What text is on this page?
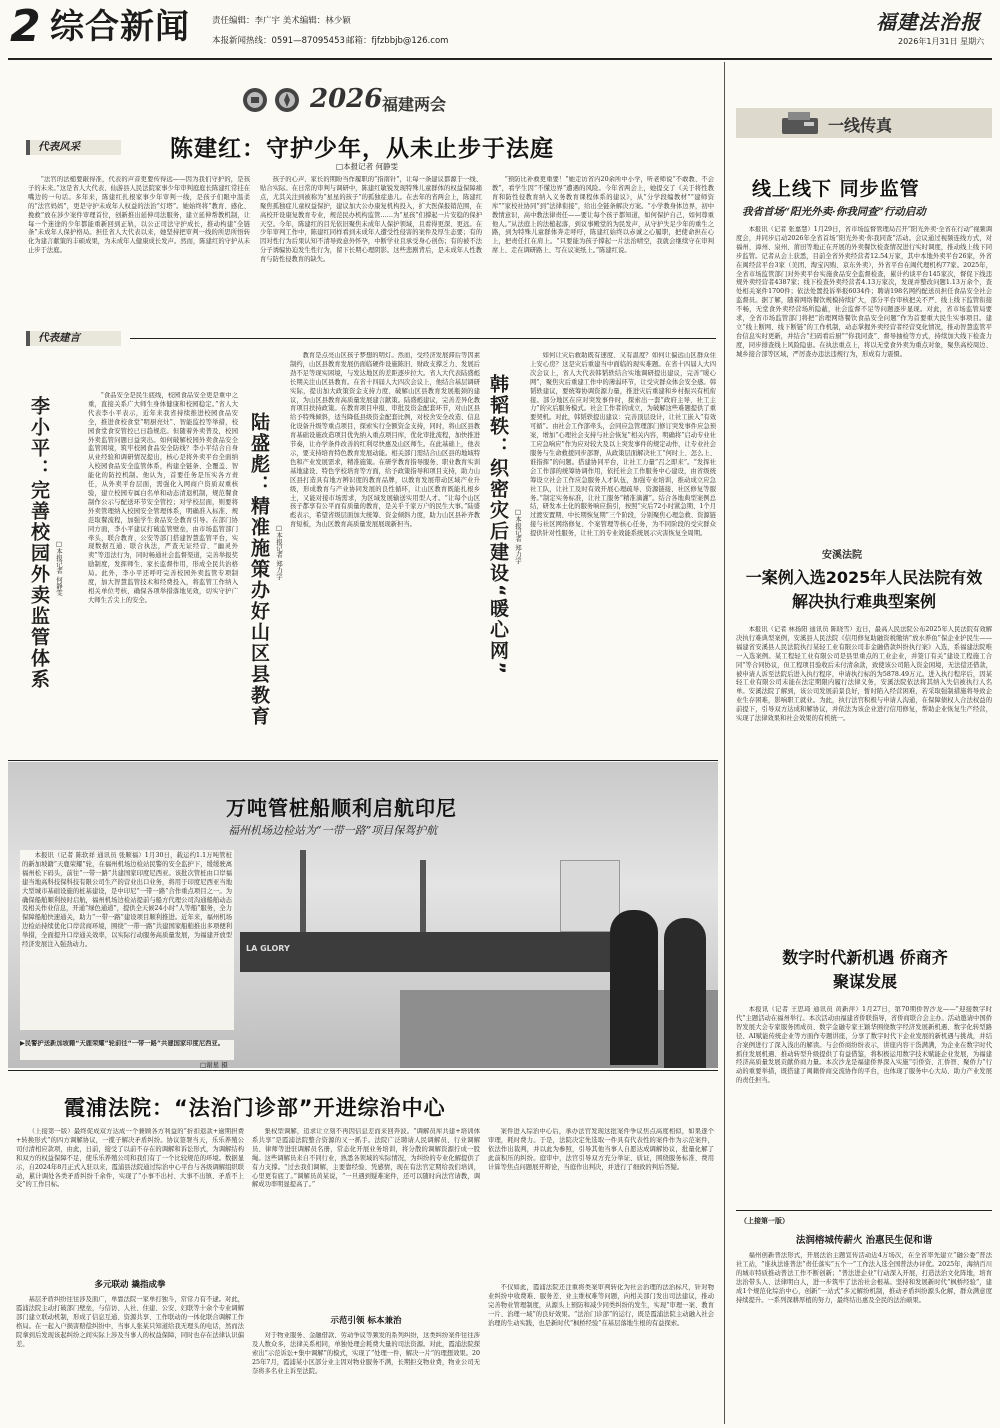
2 综合新闻	责任编辑：李广宇 美术编辑：林少颖
本报新闻热线：0591—87095453 邮箱：fjfzbbjb@126.com
福建法治报
2026年1月31日 星期六
2026 福建两会
代表风采	陈建红：守护少年，从未止步于法庭
□本报记者 何静雯

“法官的法槌要敲得准，代表的声音更要传得远——因为我们守护的，是孩子的未来。”这是省人大代表、仙游县人民法院家事少年审判庭庭长陈建红常挂在嘴边的一句话。多年来，陈建红扎根家事少年审判一线，是孩子们眼中温柔的“法官妈妈”，更是守护未成年人权益的法治“灯塔”。她始终将“教育、感化、挽救”放在涉少案件审理首位，创新推出延伸司法服务，建立延伸帮教机制，让每一个迷途的少年都能重新回到正轨，以公正司法守护成长，推动构建“全链条”未成年人保护格局。担任省人大代表以来，她坚持把审判一线的所思所悟转化为建言献策的丰硕成果，为未成年人健康成长发声。然而，陈建红的守护从未止步于法庭。

孩子的心声、家长的期盼当作履职的“指南针”，让每一条建议都源于一线、贴合实际。在日常的审判与调研中，陈建红敏锐发现特殊儿童群体的权益保障痛点，尤其关注到被称为“星星的孩子”的孤独症患儿。在去年的省两会上，陈建红聚焦孤独症儿童权益保护，建议加大公办康复机构投入，扩大医保报销范围，在高校开设康复教育专业，规范民办机构监管……为“星孩”们撑起一片安稳的保护天空。今年，陈建红的目光依旧聚焦未成年人保护领域，且看得更深、更远。在少年审判工作中，陈建红同样看到未成年人遭受性侵害的案件及厚生态要；有的因对性行为后果认知不清导致意外怀孕，中断学业且承受身心创伤；有的被不法分子诱骗协迫发生性行为，留下长期心理阴影。这些悲剧背后，是未成年人性教育与防性侵教育的缺失。

“预防比补救更重要！”她走访省内20余所中小学，听老师说“不敢教、不会教”，看学生因“不懂边界”遭遇的风险。今年省两会上，她提交了《关于将性教育和防性侵教育纳入义务教育课程体系的建议》，从“分学段编教材”“建师资库”“家校社协同”到“法律衔接”，给出全链条解决方案。“小学教身体边界，初中教情意识，高中教法律责任——要让每个孩子都知道，如何保护自己，如何尊重他人。”从法庭上的法槌起落，到议事殿堂的为民发声，从守护失足少年的重生之路，到为特殊儿童群体奔走呼吁，陈建红始终以赤诚之心履职，把使命担在心上，把责任扛在肩上。“只要能为孩子撑起一片法治晴空，我就会继续守在审判席上、走在调研路上、写在议案纸上。”陈建红说。

代表建言
李小平：完善校园外卖监管体系 □本报记者 何静雯

“食品安全是民生底线，校园食品安全更是重中之重，直接关系广大师生身体健康和校园稳定。”省人大代表李小平表示，近年来我省持续推进校园食品安全，推进食校食堂“明厨亮灶”、智能监控等举措，校园食堂食安管控已日趋规范。但随着外卖普及，校园外卖监管问题日益突出。如何破解校园外卖食品安全监管困境，筑牢校园食品安全防线？李小平结合自身从业经验和调研情况提出，核心是将外卖平台全面纳入校园食品安全监管体系，构建全链条、全覆盖、智能化的防控机制。他认为，首要任务是压实各方责任，从外卖平台层面，需强化入网商户资质双重核验，建立校园专属白名单和动态清退机制，规范餐食制作公示与配送环节安全管控；对学校层面，则要将外卖管理纳入校园安全管理体系，明确准入标准、规范取餐流程，加强学生食品安全教育引导。在部门协同方面，李小平建议打破监管壁垒，由市场监管部门牵头，联合教育、公安等部门搭建智慧监管平台，实现数据互通、联合执法，严查无证经营、“幽灵外卖”等违法行为，同时畅通社会监督渠道，完善举报奖励制度，发挥师生、家长监督作用，形成全民共治格局。此外，李小平还呼吁完善校园外卖监管专项制度，加大智慧监管技术和经费投入，将监管工作纳入相关单位考核，确保各项举措落地见效，切实守护广大师生舌尖上的安全。	陆盛彪：精准施策办好山区县教育 □本报记者 郑力宇

教育是点亮山区孩子梦想的明灯。然而，受经济发展滞后等因素制约，山区县教育发展仍面临硬件设施陈旧、财政支撑乏力、发展后劲不足等现实困境，与发达地区的差距逐步拉大。省人大代表陆盛彪长期关注山区县教育。在省十四届人大四次会议上，他结合基层调研实际，提出加大政策资金支持力度、破解山区县教育发展瓶颈的建议，为山区县教育高质量发展建言献策。陆盛彪建议，完善差异化教育项目扶持政策。在教育项目申报、审批及资金配套环节，对山区县给予特殊倾斜，适当降低县级资金配套比例，对校舍安全改造、信息化设备升级等重点项目，探索实行全额资金支持，同时，将山区县教育基础设施改造项目优先纳入重点项目库，优化审批流程，加快推进节奏，让办学条件改善的红利尽快惠及山区师生。在此基础上，他表示，要支持培育特色教育发展动能。相关部门需结合山区县的地域特色和产业发展需求，精准施策。在研学教育指导服务、职业教育实训基地建设、特色学校培育等方面，给予政策指导和项目支持，助力山区县打造具有地方辨识度的教育品牌，以教育发展带动区域产业升级，形成教育与产业协同发展的良性循环，让山区教育既能扎根乡土，又能对接市场需求，为区域发展输送实用型人才。“让每个山区孩子都享有公平而有质量的教育，是关乎千家万户的民生大事。”陆盛彪表示，希望省级层面加大统筹、资金倾斜力度，助力山区县补齐教育短板，为山区教育高质量发展展现新担当。	韩韬轶：织密灾后建设“暖心网” □本报记者 郑力宇

如何让灾后救助既有速度、又有温度？如何让偏远山区群众住上安心房？这是灾后重建当中面临的现实难题。在省十四届人大四次会议上，省人大代表韩韬轶结合实地调研提出建议，完善“暖心网”，聚焦灾后重建工作中的薄弱环节，让受灾群众体会安全感。韩韬轶建议，要统筹协调资源力量，推进灾后重建和乡村振兴有机衔接。部分地区在应对突发事件时，探索出一套“政府主导、社工主力”的灾后服务模式。社会工作者的成立，为破解这些难题提供了重要契机。对此，韩韬轶提出建议：完善顶层设计，让社工嵌入“有效可循”。由社会工作部牵头，会同应急管理部门修订突发事件应急预案，增加“心理社会支持与社会恢复”相关内容，明确将“启动专业社工应急响应”作为应对较大及以上突发事件的规定动作，让专业社会服务与生命救援同步部署，从政策层面解决社工“何时上、怎么上、谁指挥”的问题。搭建协同平台，让社工力量“召之即来”。“发挥社会工作部的统筹协调作用，依托社会工作服务中心建设，由省级统筹设立社会工作应急服务人才队伍，加强专业培训，推动成立应急社工队，让社工及时有效开展心理疏导、资源链接、社区修复等服务。”制定实务标准，让社工服务“精准滴灌”。结合各地典型案例总结，研发本土化的服务响应指引，按照“灾后72小时紧急期、1个月过渡安置期、中长期恢复期”三个阶段，分别聚焦心理急救、资源链接与社区网络修复、个案管理等核心任务，为不同阶段的受灾群众提供针对性服务，让社工的专业效能系统展示灾害恢复全周期。

LA GLORY
万吨管桩船顺利启航印尼
福州机场边检站为“一带一路”项目保驾护航

本报讯（记者 陈软祥 通讯员 张顺福）1月30日，载运约1.1万吨管桩的新加坡籍“天鹿荣耀”轮，在福州机场边检站民警的安全监护下，缓缓驶离福州松下码头，前往“一带一路”共建国家印度尼西亚。该批次管桩由口岸福建当地高科技保科技有限公司生产的营业出口业务，将用于印度尼西亚当地大型城市基础设施的桩基建设，是中印尼“一带一路”合作重点项目之一。为确保船舶顺利按时启航，福州机场边检站提前与船方代理公司沟通船舶动态及相关作业信息，开通“绿色通道”，提供全天候24小时“人等船”服务，全力保障船舶快速通关，助力“一带一路”建设项目顺利推进。近年来，福州机场边检站持续优化口岸营商环境，围绕“一带一路”共建国家船舶推出多项便利举措，全面提升口岸通关效率，以实际行动服务高质量发展，为福建开放型经济发展注入强劲动力。

▶民警护送新加坡籍“天鹿荣耀”轮前往“一带一路”共建国家印度尼西亚。
□谢星 摄
霞浦法院：“法治门诊部”开进综治中心

（上接第一版）最终促成双方达成一个兼顾各方利益的“折扣退款+逾期担费+转换形式”的四方调解协议，一揽子解决矛盾纠纷。协议签署当天，乐乐养殖公司付清相应款项，由此，日前，接受了以前不存在的调解和诉讼形式，为调解结构和双方的权益保障不足，使乐乐养殖公司和我们有了一个比较规范的环境。数据显示，自2024年8月正式入驻以来，霞浦县法院通过综治中心平台与各级调解组织联动，累计调处各类矛盾纠纷千余件，实现了“小事不出村、大事不出镇、矛盾不上交”的工作目标。

多元联动 撬指成拳

基层矛盾纠纷往往涉及面广，单靠法院一家单打独斗，常常力有不逮。对此，霞浦法院主动打破部门壁垒，与信访、人社、住建、公安、妇联等十余个专业调解部门建立联动机制，形成了信息互通、资源共享、工作联动的一体化联合调解工作格局。在一起入户损害赔偿纠纷中，当事人张某只知道给我无理头的电话，然而法院拿到后发现该起纠纷之间实际上涉及当事人的权益保障，同时也存在法律认识偏差。

集权型调解，追求让立刻不再因信息差而来回奔波。“调解员库共建+培训体系共享”是霞浦法院整合资源的又一抓手。法院广泛聘请人民调解员、行业调解员、律师等进驻调解员名册，常态化开展业务培训，将分散的调解资源拧成一股绳。这些调解员来自不同行业，熟悉各领域的实际情况，为纠纷的专业化解提供了有力支撑。“过去我们调解，主要靠经验、凭感情，现在有法官定期给我们培训，心里更有底了。”调解员黄某说，“一旦遇到疑难案件，还可以随时向法官请教，调解成功率明显提高了。”

示范引领 标本兼治

对于物业服务、金融借款、劳动争议等频发的系列纠纷，这类纠纷案件往往涉及人数众多，法律关系相同，单独处理会耗费大量的司法资源。对此，霞浦法院探索出“示范诉讼+集中调解”的模式，实现了“处理一件，解决一片”的理想效果。2025年7月，霞浦某小区部分业主因对物业服务不满，长期拒交物业费，物业公司无奈将多名业主诉至法院。

案件进入综治中心后，承办法官发现这批案件争议焦点高度相似，如果逐个审理，耗时费力。于是，法院决定先选取一件具有代表性的案件作为示范案件，依法作出裁判，并以此为参照，引导其他当事人自愿达成调解协议，批量化解了此前积压的纠纷。庭审中，法官引导双方充分举证、质证，围绕服务标准、费用计算等焦点问题展开辩论，当庭作出判决，并进行了细致的判后答疑。

不仅如此，霞浦法院还注重将类案审判转化为社会治理的法治标尺，针对物业纠纷中收费难、服务差、业主维权难等问题，向相关部门发出司法建议，推动完善物业管理制度，从源头上预防和减少同类纠纷的发生，实现“审理一案、教育一片、治理一域”的良好效果。“法治门诊部”的运行，既是霞浦法院主动融入社会治理的生动实践，也是新时代“枫桥经验”在基层落地生根的有益探索。

一线传真
线上线下 同步监管
我省首场“阳光外卖·你我同查”行动启动

本报讯（记者 张嘉慧）1月29日，省市场监督管理局召开“阳光外卖·全省在行动”视频调度会，并同步启动2026年全省首场“阳光外卖·你我同查”活动。会议通过视频连线方式，对福州、漳州、泉州、莆田等地正在开展的外卖餐饮检查情况进行实时调度，推动线上线下同步监管。记者从会上获悉，目前全省外卖经营者12.54万家，其中本地外卖平台26家，外省在闽经营平台3家（美团、淘宝闪购、京东外卖），外省平台在闽代理机构77家。2025年，全省市场监管部门对外卖平台实施食品安全监督检查，累计约谈平台145家次，督促下线违规外卖经营者4387家；线下检查外卖经营者4.13万家次，发现并整改问题1.13万余个，查处相关案件1700件；依法处置投诉举报6034件；聘请198名网约配送员担任食品安全社会监督员。据了解，随着网络餐饮规模持续扩大，部分平台审核把关不严、线上线下监管衔接不畅，无堂食外卖经营场所隐蔽，社会监督不足等问题逐步显现。对此，省市场监管局要求，全省市场监管部门将把“治理网络餐饮食品安全问题”作为首要重大民生实事项目。建立“线上断网、线下断链”的工作机制，动态掌握外卖经营者经营变化情况，推动智慧监管平台信息实时更新，并结合“扫码看后厨”“你我同查”、督导抽检等方式，持续加大线下检查力度，同步排查线上风险隐患。在执法重点上，将以无堂食外卖为重点对象，聚焦高校周边、城乡接合部等区域，严厉查办违法违规行为，形成有力震慑。

安溪法院
一案例入选2025年人民法院有效解决执行难典型案例

本报讯（记者 林扬阳 通讯员 陈晓雪）近日，最高人民法院公布2025年人民法院有效解决执行难典型案例，安溪县人民法院《信用修复助融资税缴纳“放水养鱼”保企业护民生——福建省安溪县人民法院执行某轻工业有限公司非金融借款纠纷执行案》入选，系福建法院唯一入选案例。某工程轻工业有限公司是县里重点的工业企业，并签订有关“建设工程施工合同”等合同协议，但工程项目验收后未付清余款，致使该公司陷入资金困境，无法偿还借款，被申请人诉至法院后进入执行程序，申请执行标的为5878.49万元。进入执行程序后，因某轻工业有限公司未能在法定期限内履行法律义务，安溪法院依法将其纳入失信被执行人名单。安溪法院了解到，该公司发展前景良好，暂时陷入经营困难，若采取强制措施将导致企业生存困难，影响职工就业。为此，执行法官积极与申请人沟通，在保障债权人合法权益的前提下，引导双方达成和解协议，并依法为该企业进行信用修复，帮助企业恢复生产经营，实现了法律效果和社会效果的有机统一。

数字时代新机遇 侨商齐聚谋发展

本报讯（记者 王思琦 通讯员 黄新萍）1月27日，第70期侨智沙龙——“迎接数字时代”主题活动在福州举行。本次活动由福建省侨联指导，省侨商联合会主办。活动邀请中国侨智发展大会专家服务团成员、数字金融专家王颖华围绕数字经济发展新机遇、数字化转型路径、AI赋能传统企业等方面作专题讲座，分享了数字时代下企业发展的新机遇与挑战，并结合案例进行了深入浅出的解读。与会侨商纷纷表示，讲座内容干货满满，为企业在数字时代抓住发展机遇、推动转型升级提供了有益借鉴，将积极运用数字技术赋能企业发展，为福建经济高质量发展贡献侨商力量。本次沙龙是福建侨界深入实施“引侨资、汇侨智、聚侨力”行动的重要举措，既搭建了闽籍侨商交流协作的平台，也体现了服务中心大局、助力产业发展的责任担当。

（上接第一版）
法润榕城传薪火 治惠民生促和谐

福州创新普法形式，开展法治主题宣传活动近4万场次，在全省率先建立“融公委”普法社工站，“谁执法谁普法”责任落实“五个一”工作法入选全国普法办评优。2025年，海纳百川的城市特质推动普法工作不断创新；“普法进企业”行动深入开展，打造法治文化阵地，培育法治带头人、法律明白人，进一步筑牢了法治社会根基。坚持和发展新时代“枫桥经验”，建成1个规范化综治中心，创新“一站式”多元解纷机制，推动矛盾纠纷源头化解，群众满意度持续提升。一系列深耕厚植的努力，最终结出惠及全民的法治硕果。
